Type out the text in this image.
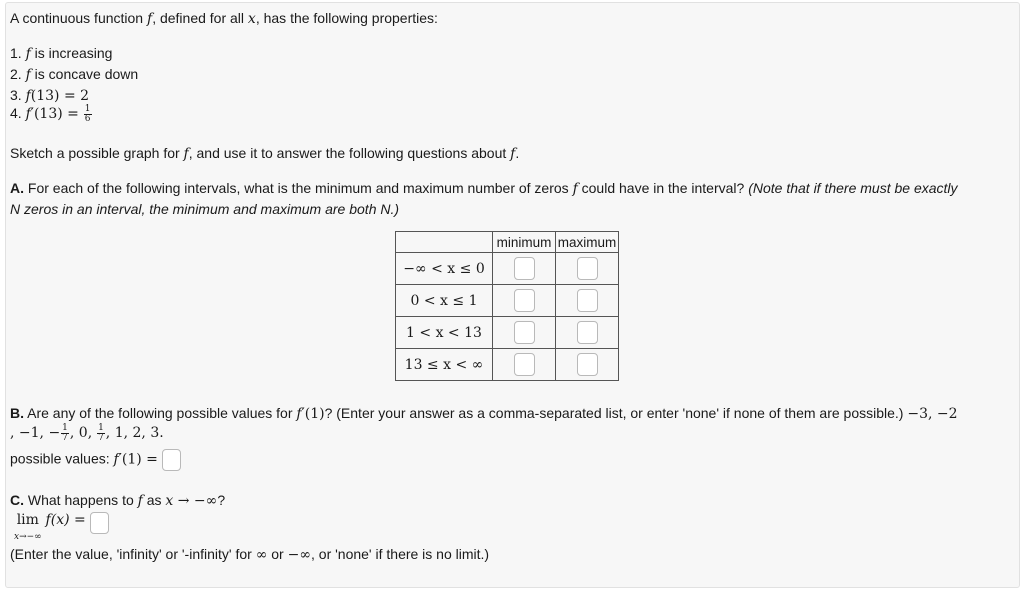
A continuous function f, defined for all x, has the following properties:
1. f is increasing
2. f is concave down
3. f(13) = 2
4. $f'(13) = \frac{1}{6}$
Sketch a possible graph for f, and use it to answer the following questions about f.
A. For each of the following intervals, what is the minimum and maximum number of zeros f could have in the interval? (Note that if there must be exactly
N zeros in an interval, the minimum and maximum are both N.)
	minimum	maximum
−∞ < x ≤ 0		
0 < x ≤ 1		
1 < x < 13		
13 ≤ x < ∞		
B. Are any of the following possible values for f′(1)? (Enter your answer as a comma-separated list, or enter 'none' if none of them are possible.) −3, −2
, −1, − $\frac{1}{7}$ , 0, $\frac{1}{7}$ , 1, 2, 3.
possible values: f′(1) =
C. What happens to f as x → −∞?
lim
x→−∞ f(x) =
(Enter the value, 'infinity' or '-infinity' for ∞ or −∞, or 'none' if there is no limit.)
